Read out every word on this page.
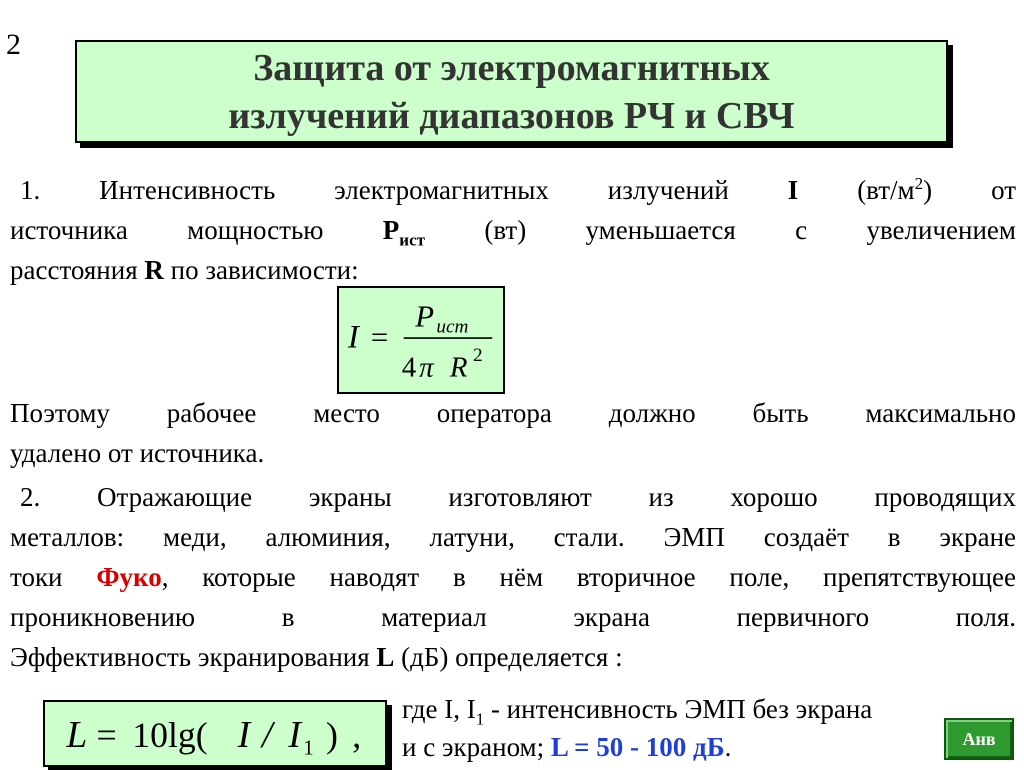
2
Защита от электромагнитных
излучений диапазонов РЧ и СВЧ
1. Интенсивность электромагнитных излучений I $(вт/м^2)$ от
источника мощностью $P_{ист}$ (вт) уменьшается с увеличением
расстояния R по зависимости:
I =
P ист
4 π R 2
Поэтому рабочее место оператора должно быть максимально
удалено от источника.
2. Отражающие экраны изготовляют из хорошо проводящих
металлов: меди, алюминия, латуни, стали. ЭМП создаёт в экране
токи Фуко, которые наводят в нём вторичное поле, препятствующее
проникновению в материал экрана первичного поля.
Эффективность экранирования L (дБ) определяется :
L = 10lg( I / I 1 ) ,
где I, $I_1$ - интенсивность ЭМП без экрана
и с экраном; L = 50 - 100 дБ.	Анв
